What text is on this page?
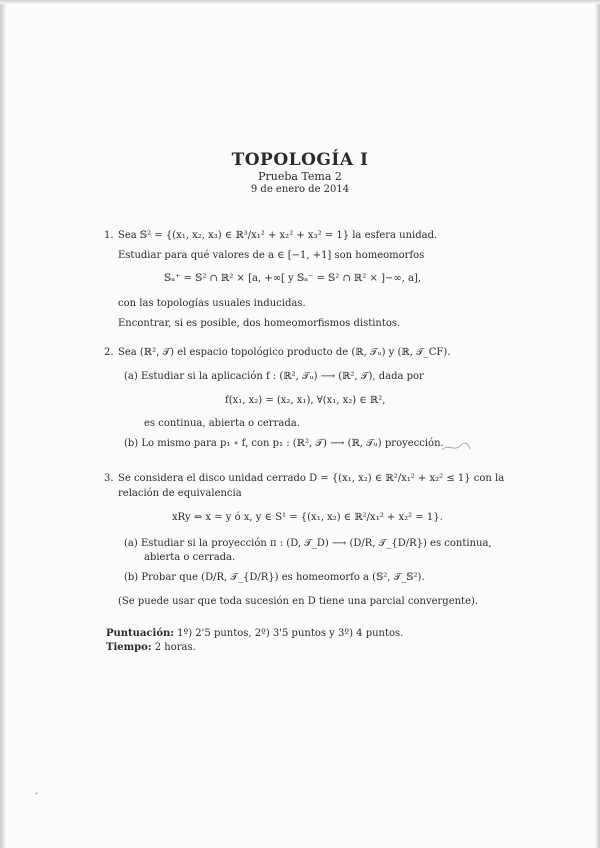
′
TOPOLOGÍA I
Prueba Tema 2
9 de enero de 2014
1. Sea 𝕊² = {(x₁, x₂, x₃) ∈ ℝ³/x₁² + x₂² + x₃² = 1} la esfera unidad.
Estudiar para qué valores de a ∈ [−1, +1] son homeomorfos
𝕊ₐ⁺ = 𝕊² ∩ ℝ² × [a, +∞[ y 𝕊ₐ⁻ = 𝕊² ∩ ℝ² × ]−∞, a],
con las topologías usuales inducidas.
Encontrar, si es posible, dos homeomorfismos distintos.
2. Sea (ℝ², 𝒯) el espacio topológico producto de (ℝ, 𝒯ᵤ) y (ℝ, 𝒯_CF).
(a) Estudiar si la aplicación f : (ℝ², 𝒯ᵤ) ⟶ (ℝ², 𝒯), dada por
f(x₁, x₂) = (x₂, x₁), ∀(x₁, x₂) ∈ ℝ²,
es continua, abierta o cerrada.
(b) Lo mismo para p₁ ∘ f, con p₁ : (ℝ², 𝒯) ⟶ (ℝ, 𝒯ᵤ) proyección.
3. Se considera el disco unidad cerrado D = {(x₁, x₂) ∈ ℝ²/x₁² + x₂² ≤ 1} con la
relación de equivalencia
xRy ⇔ x = y ó x, y ∈ S¹ = {(x₁, x₂) ∈ ℝ²/x₁² + x₂² = 1}.
(a) Estudiar si la proyección π : (D, 𝒯_D) ⟶ (D/R, 𝒯_{D/R}) es continua,
abierta o cerrada.
(b) Probar que (D/R, 𝒯_{D/R}) es homeomorfo a (𝕊², 𝒯_𝕊²).
(Se puede usar que toda sucesión en D tiene una parcial convergente).
Puntuación: 1º) 2'5 puntos, 2º) 3'5 puntos y 3º) 4 puntos.
Tiempo: 2 horas.
